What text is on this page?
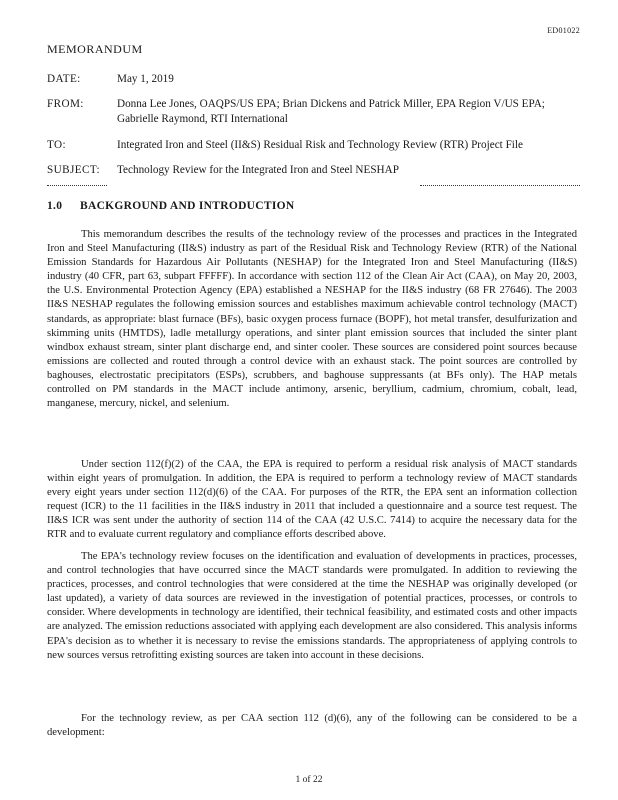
ED01022
MEMORANDUM
DATE:	May 1, 2019
FROM:	Donna Lee Jones, OAQPS/US EPA; Brian Dickens and Patrick Miller, EPA Region V/US EPA; Gabrielle Raymond, RTI International
TO:	Integrated Iron and Steel (II&S) Residual Risk and Technology Review (RTR) Project File
SUBJECT: Technology Review for the Integrated Iron and Steel NESHAP
1.0 BACKGROUND AND INTRODUCTION

This memorandum describes the results of the technology review of the processes and practices in the Integrated Iron and Steel Manufacturing (II&S) industry as part of the Residual Risk and Technology Review (RTR) of the National Emission Standards for Hazardous Air Pollutants (NESHAP) for the Integrated Iron and Steel Manufacturing (II&S) industry (40 CFR, part 63, subpart FFFFF). In accordance with section 112 of the Clean Air Act (CAA), on May 20, 2003, the U.S. Environmental Protection Agency (EPA) established a NESHAP for the II&S industry (68 FR 27646). The 2003 II&S NESHAP regulates the following emission sources and establishes maximum achievable control technology (MACT) standards, as appropriate: blast furnace (BFs), basic oxygen process furnace (BOPF), hot metal transfer, desulfurization and skimming units (HMTDS), ladle metallurgy operations, and sinter plant emission sources that included the sinter plant windbox exhaust stream, sinter plant discharge end, and sinter cooler. These sources are considered point sources because emissions are collected and routed through a control device with an exhaust stack. The point sources are controlled by baghouses, electrostatic precipitators (ESPs), scrubbers, and baghouse suppressants (at BFs only). The HAP metals controlled on PM standards in the MACT include antimony, arsenic, beryllium, cadmium, chromium, cobalt, lead, manganese, mercury, nickel, and selenium.

Under section 112(f)(2) of the CAA, the EPA is required to perform a residual risk analysis of MACT standards within eight years of promulgation. In addition, the EPA is required to perform a technology review of MACT standards every eight years under section 112(d)(6) of the CAA. For purposes of the RTR, the EPA sent an information collection request (ICR) to the 11 facilities in the II&S industry in 2011 that included a questionnaire and a source test request. The II&S ICR was sent under the authority of section 114 of the CAA (42 U.S.C. 7414) to acquire the necessary data for the RTR and to evaluate current regulatory and compliance efforts described above.

The EPA's technology review focuses on the identification and evaluation of developments in practices, processes, and control technologies that have occurred since the MACT standards were promulgated. In addition to reviewing the practices, processes, and control technologies that were considered at the time the NESHAP was originally developed (or last updated), a variety of data sources are reviewed in the investigation of potential practices, processes, or controls to consider. Where developments in technology are identified, their technical feasibility, and estimated costs and other impacts are analyzed. The emission reductions associated with applying each development are also considered. This analysis informs EPA's decision as to whether it is necessary to revise the emissions standards. The appropriateness of applying controls to new sources versus retrofitting existing sources are taken into account in these decisions.

For the technology review, as per CAA section 112 (d)(6), any of the following can be considered to be a development:

1 of 22
